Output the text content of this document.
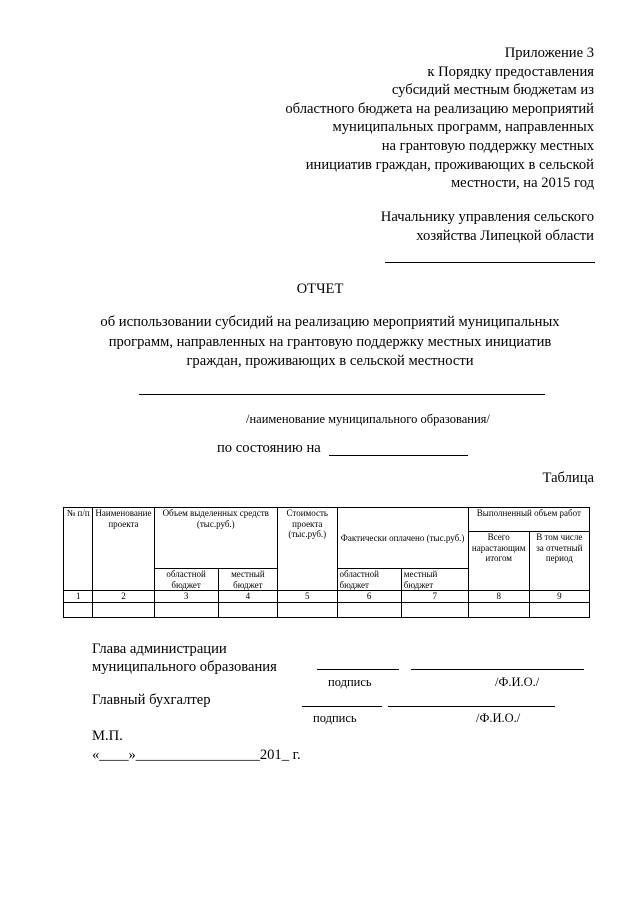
Приложение 3
к Порядку предоставления
субсидий местным бюджетам из
областного бюджета на реализацию мероприятий
муниципальных программ, направленных
на грантовую поддержку местных
инициатив граждан, проживающих в сельской
местности, на 2015 год
Начальнику управления сельского
хозяйства Липецкой области
ОТЧЕТ
об использовании субсидий на реализацию мероприятий муниципальных
программ, направленных на грантовую поддержку местных инициатив
граждан, проживающих в сельской местности
/наименование муниципального образования/
по состоянию на
Таблица
№ п/п	Наименование проекта	Объем выделенных средств (тыс.руб.)		Стоимость проекта (тыс.руб.)	Фактически оплачено (тыс.руб.)		Выполненный объем работ	
							Всего нарастающим итогом	В том числе за отчетный период
		областной бюджет	местный бюджет		областной бюджет	местный бюджет		
1	2	3	4	5	6	7	8	9

Глава администрации
муниципального образования
подпись	/Ф.И.О./
Главный бухгалтер
подпись	/Ф.И.О./
М.П.
«____»_________________201_ г.
